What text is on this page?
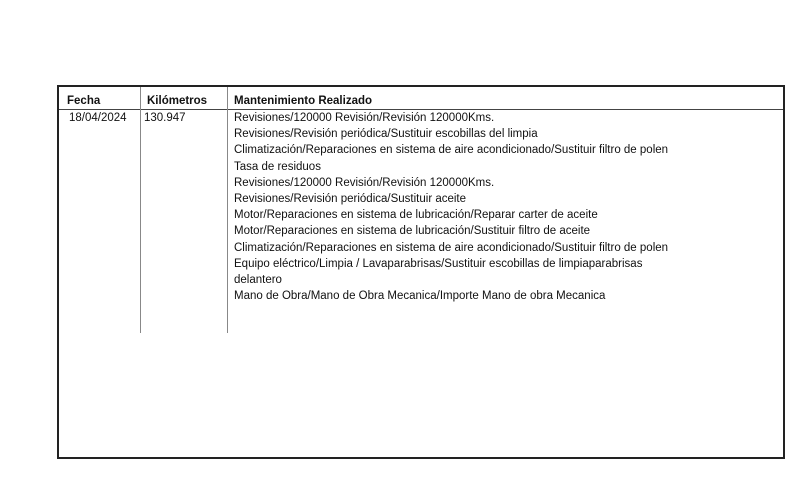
Fecha	Kilómetros Mantenimiento Realizado
18/04/2024 130.947	Revisiones/120000 Revisión/Revisión 120000Kms.
Revisiones/Revisión periódica/Sustituir escobillas del limpia
Climatización/Reparaciones en sistema de aire acondicionado/Sustituir filtro de polen
Tasa de residuos
Revisiones/120000 Revisión/Revisión 120000Kms.
Revisiones/Revisión periódica/Sustituir aceite
Motor/Reparaciones en sistema de lubricación/Reparar carter de aceite
Motor/Reparaciones en sistema de lubricación/Sustituir filtro de aceite
Climatización/Reparaciones en sistema de aire acondicionado/Sustituir filtro de polen
Equipo eléctrico/Limpia / Lavaparabrisas/Sustituir escobillas de limpiaparabrisas delantero
Mano de Obra/Mano de Obra Mecanica/Importe Mano de obra Mecanica
